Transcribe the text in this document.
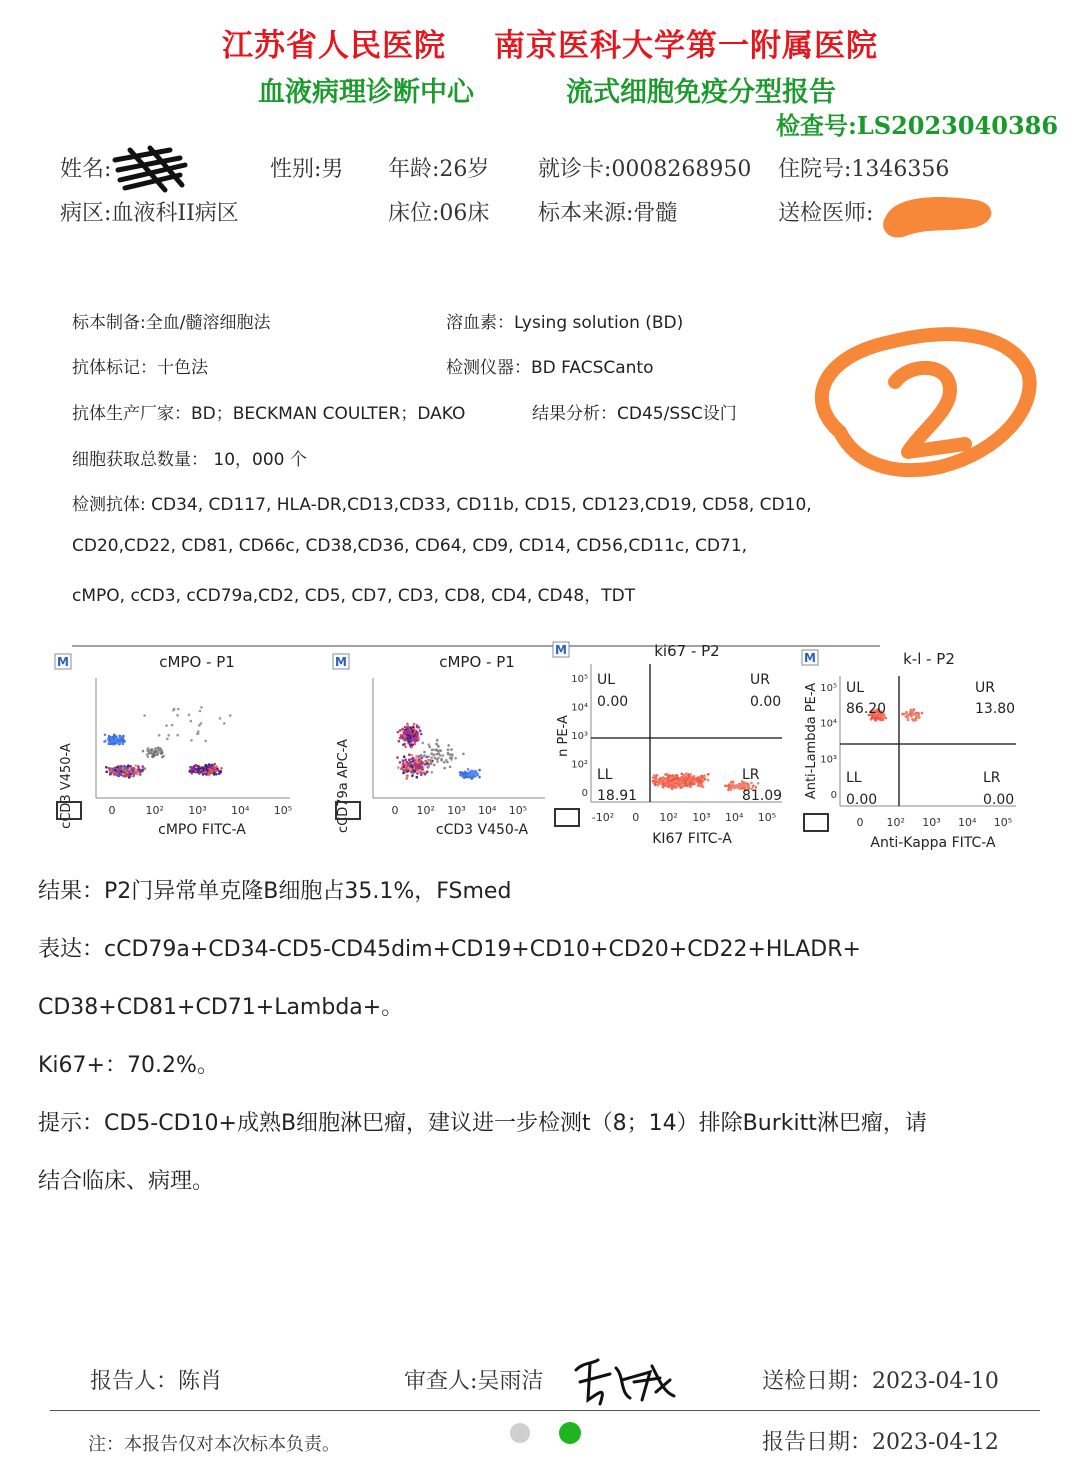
江苏省人民医院 南京医科大学第一附属医院
血液病理诊断中心	流式细胞免疫分型报告
检查号:LS2023040386
姓名:	性别:男 年龄:26岁 就诊卡:0008268950 住院号:1346356
病区:血液科II病区	床位:06床 标本来源:骨髓	送检医师:
标本制备:全血/髓溶细胞法	溶血素：Lysing solution (BD)
抗体标记：十色法	检测仪器：BD FACSCanto
抗体生产厂家：BD；BECKMAN COULTER；DAKO	结果分析：CD45/SSC设门
细胞获取总数量： 10，000 个
检测抗体: CD34, CD117, HLA-DR,CD13,CD33, CD11b, CD15, CD123,CD19, CD58, CD10,
CD20,CD22, CD81, CD66c, CD38,CD36, CD64, CD9, CD14, CD56,CD11c, CD71,
cMPO, cCD3, cCD79a,CD2, CD5, CD7, CD3, CD8, CD4, CD48，TDT
M	cMPO - P1
cCD3 V450-A	0	10² 10³ 10⁴ 10⁵
cMPO FITC-A
M	cMPO - P1
cCD79a APC-A	0 10² 10³ 10⁴ 10⁵
cCD3 V450-A
M	ki67 - P2
n PE-A
10⁵
10⁴
10³
10²
0
-10² 0 10² 10³ 10⁴ 10⁵
UL
0.00
UR
0.00
LL
18.91
LR
81.09
KI67 FITC-A
M	k-l - P2
Anti-Lambda PE-A 10⁵
10⁴
10³
0
0 10² 10³ 10⁴ 10⁵
UL
86.20
UR
13.80
LL
0.00
LR
0.00
Anti-Kappa FITC-A
结果：P2门异常单克隆B细胞占35.1%，FSmed
表达：cCD79a+CD34-CD5-CD45dim+CD19+CD10+CD20+CD22+HLADR+
CD38+CD81+CD71+Lambda+。
Ki67+：70.2%。
提示：CD5-CD10+成熟B细胞淋巴瘤，建议进一步检测t（8；14）排除Burkitt淋巴瘤，请
结合临床、病理。
报告人：陈肖	审查人:吴雨洁	送检日期：2023-04-10
注：本报告仅对本次标本负责。	报告日期：2023-04-12
